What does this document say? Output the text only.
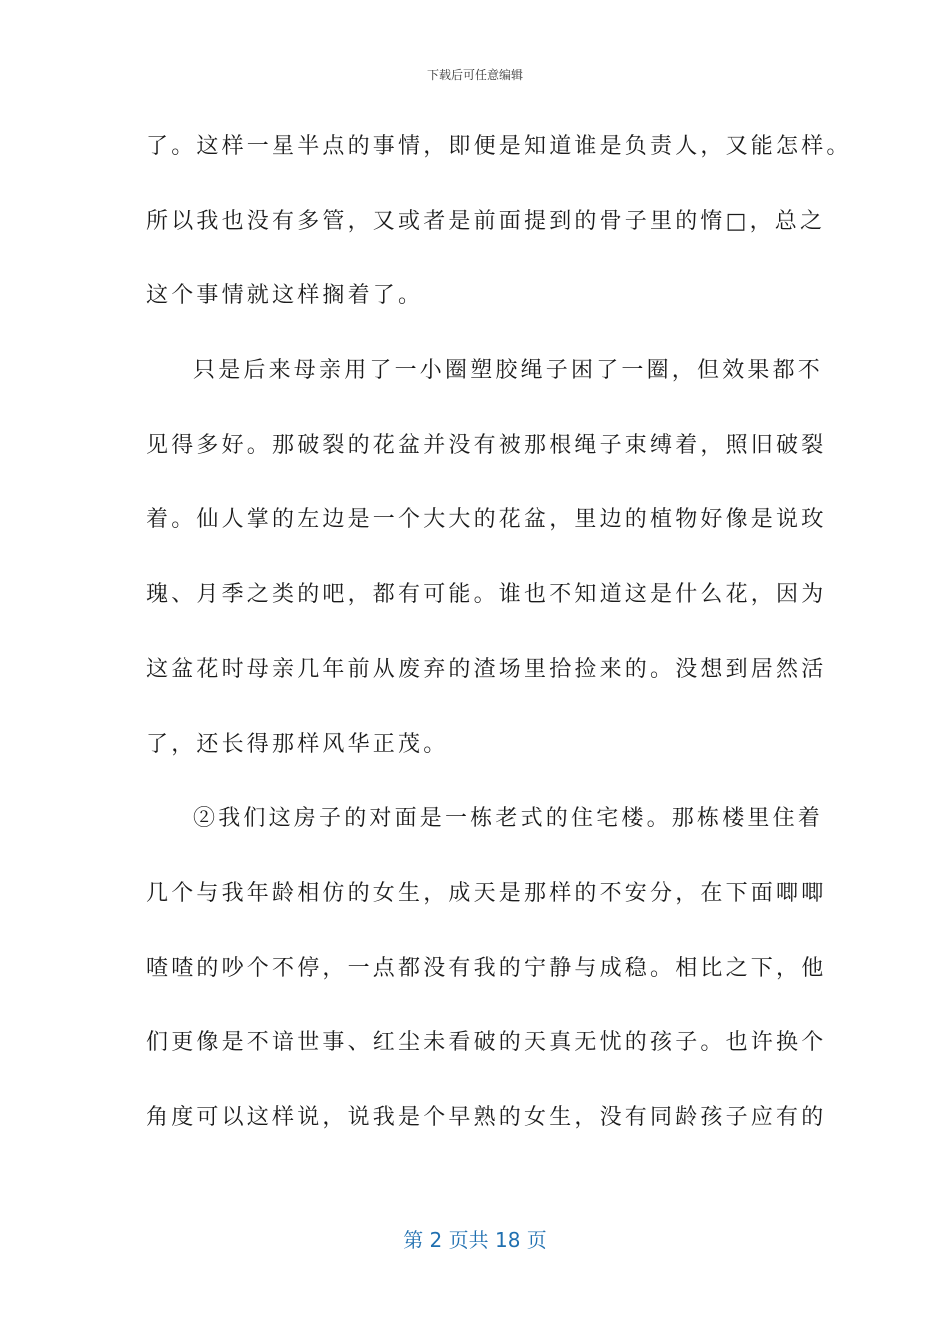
下载后可任意编辑
了。这样一星半点的事情，即便是知道谁是负责人，又能怎样。
所以我也没有多管，又或者是前面提到的骨子里的惰□，总之
这个事情就这样搁着了。
只是后来母亲用了一小圈塑胶绳子困了一圈，但效果都不
见得多好。那破裂的花盆并没有被那根绳子束缚着，照旧破裂
着。仙人掌的左边是一个大大的花盆，里边的植物好像是说玫
瑰、月季之类的吧，都有可能。谁也不知道这是什么花，因为
这盆花时母亲几年前从废弃的渣场里拾捡来的。没想到居然活
了，还长得那样风华正茂。
②我们这房子的对面是一栋老式的住宅楼。那栋楼里住着
几个与我年龄相仿的女生，成天是那样的不安分，在下面唧唧
喳喳的吵个不停，一点都没有我的宁静与成稳。相比之下，他
们更像是不谙世事、红尘未看破的天真无忧的孩子。也许换个
角度可以这样说，说我是个早熟的女生，没有同龄孩子应有的
第 2 页共 18 页
